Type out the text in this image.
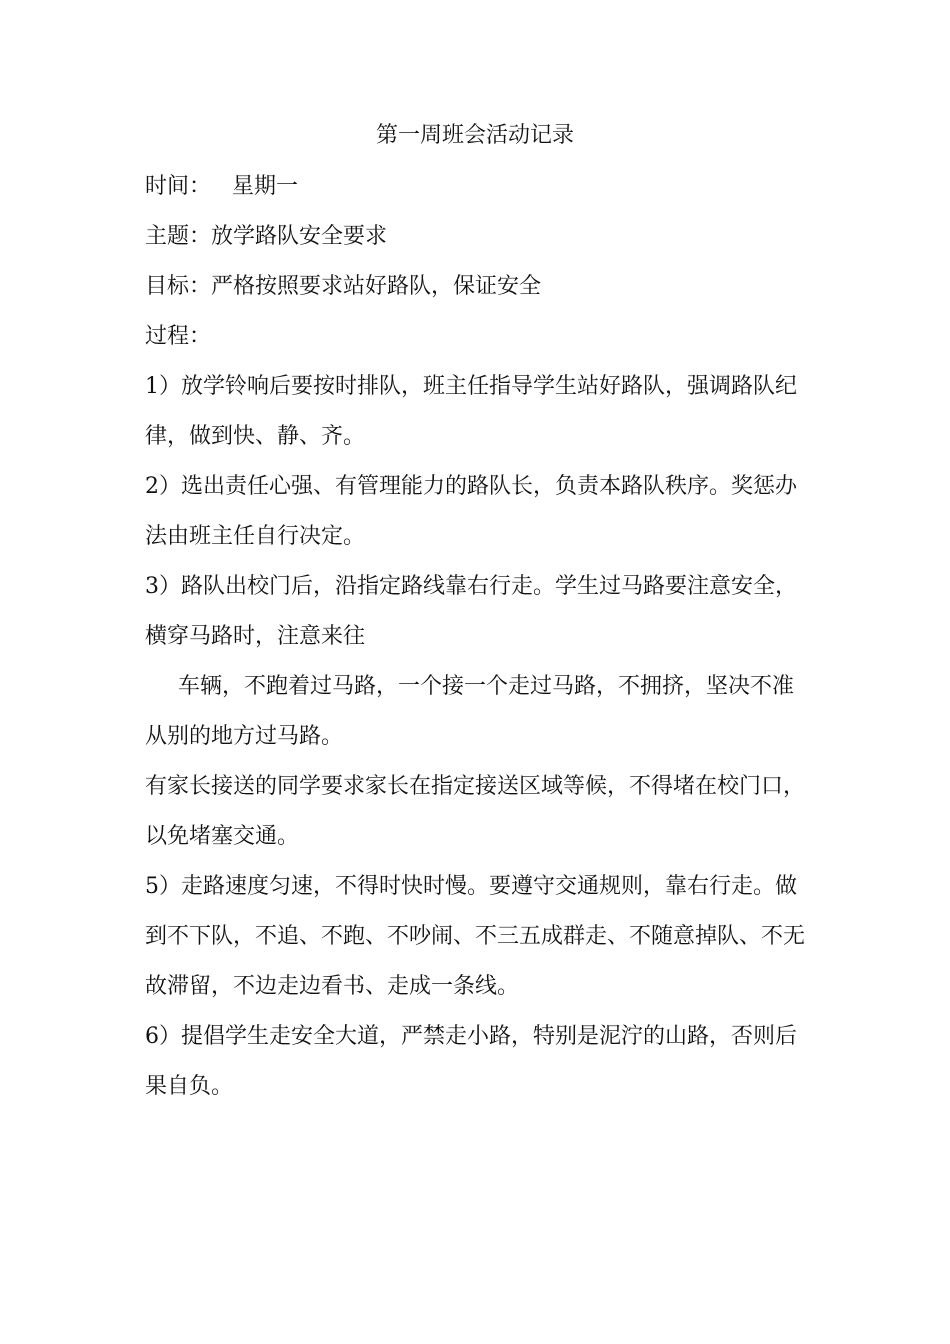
第一周班会活动记录
时间：   星期一
主题：放学路队安全要求
目标：严格按照要求站好路队，保证安全
过程：
1）放学铃响后要按时排队，班主任指导学生站好路队，强调路队纪
律，做到快、静、齐。
2）选出责任心强、有管理能力的路队长，负责本路队秩序。奖惩办
法由班主任自行决定。
3）路队出校门后，沿指定路线靠右行走。学生过马路要注意安全，
横穿马路时，注意来往
车辆，不跑着过马路，一个接一个走过马路，不拥挤，坚决不准
从别的地方过马路。
有家长接送的同学要求家长在指定接送区域等候，不得堵在校门口，
以免堵塞交通。
5）走路速度匀速，不得时快时慢。要遵守交通规则，靠右行走。做
到不下队，不追、不跑、不吵闹、不三五成群走、不随意掉队、不无
故滞留，不边走边看书、走成一条线。
6）提倡学生走安全大道，严禁走小路，特别是泥泞的山路，否则后
果自负。
